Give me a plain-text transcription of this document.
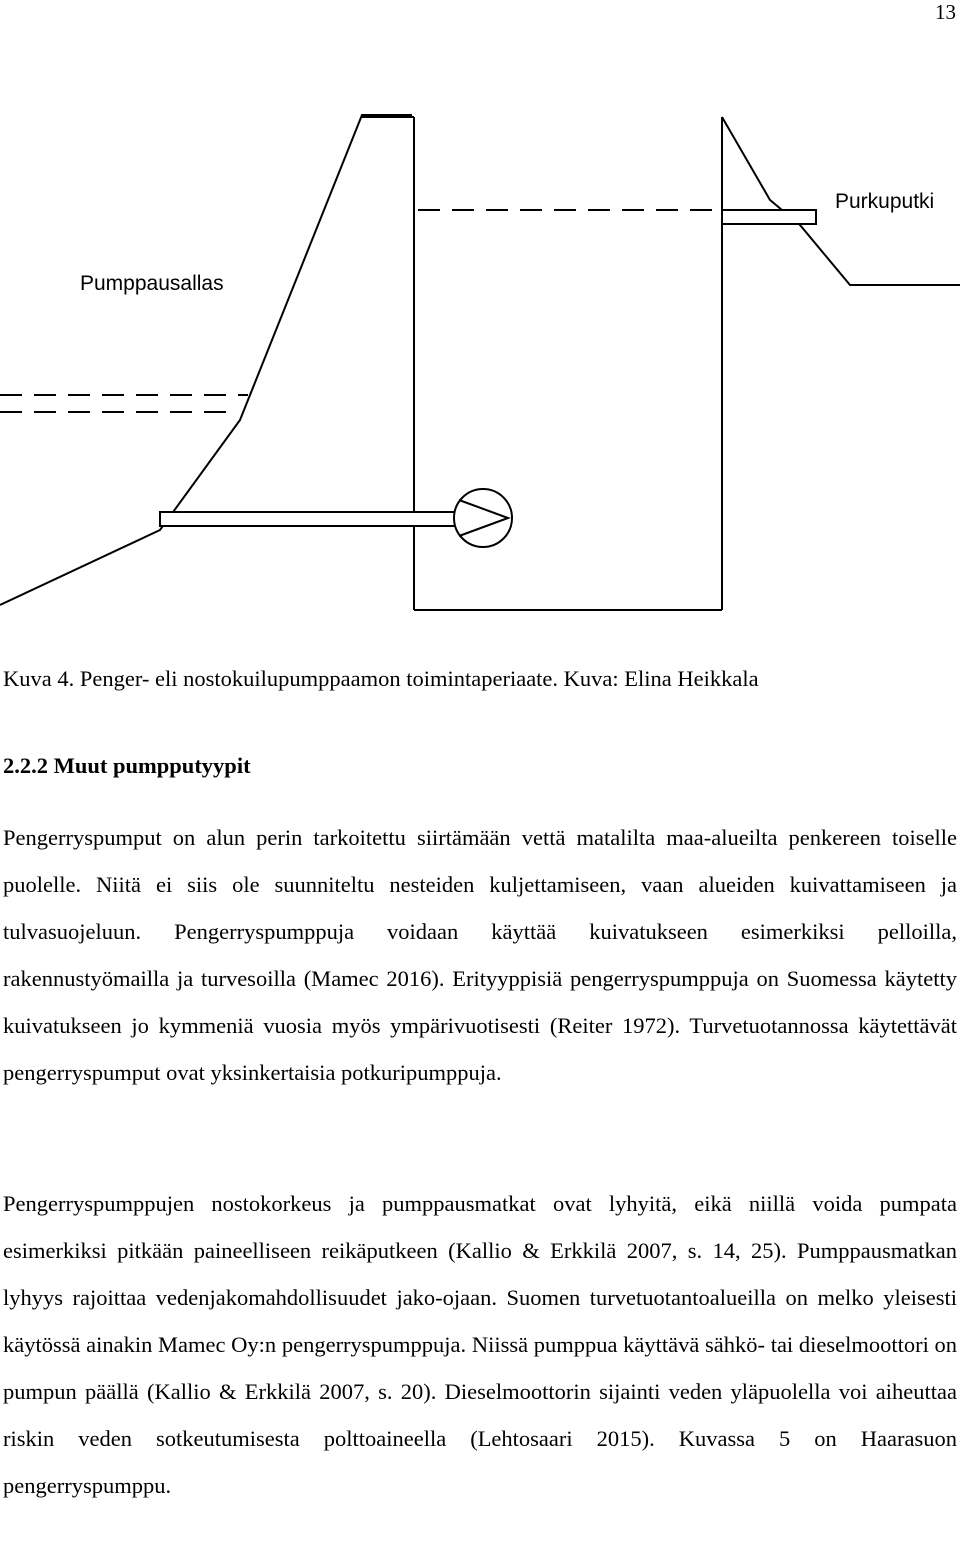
13
Pumppausallas
Purkuputki
Kuva 4. Penger- eli nostokuilupumppaamon toimintaperiaate. Kuva: Elina Heikkala
2.2.2 Muut pumpputyypit

Pengerryspumput on alun perin tarkoitettu siirtämään vettä matalilta maa-alueilta penkereen toiselle puolelle. Niitä ei siis ole suunniteltu nesteiden kuljettamiseen, vaan alueiden kuivattamiseen ja tulvasuojeluun. Pengerryspumppuja voidaan käyttää kuivatukseen esimerkiksi pelloilla, rakennustyömailla ja turvesoilla (Mamec 2016). Erityyppisiä pengerryspumppuja on Suomessa käytetty kuivatukseen jo kymmeniä vuosia myös ympärivuotisesti (Reiter 1972). Turvetuotannossa käytettävät pengerryspumput ovat yksinkertaisia potkuripumppuja.

Pengerryspumppujen nostokorkeus ja pumppausmatkat ovat lyhyitä, eikä niillä voida pumpata esimerkiksi pitkään paineelliseen reikäputkeen (Kallio & Erkkilä 2007, s. 14, 25). Pumppausmatkan lyhyys rajoittaa vedenjakomahdollisuudet jako-ojaan. Suomen turvetuotantoalueilla on melko yleisesti käytössä ainakin Mamec Oy:n pengerryspumppuja. Niissä pumppua käyttävä sähkö- tai dieselmoottori on pumpun päällä (Kallio & Erkkilä 2007, s. 20). Dieselmoottorin sijainti veden yläpuolella voi aiheuttaa riskin veden sotkeutumisesta polttoaineella (Lehtosaari 2015). Kuvassa 5 on Haarasuon pengerryspumppu.
